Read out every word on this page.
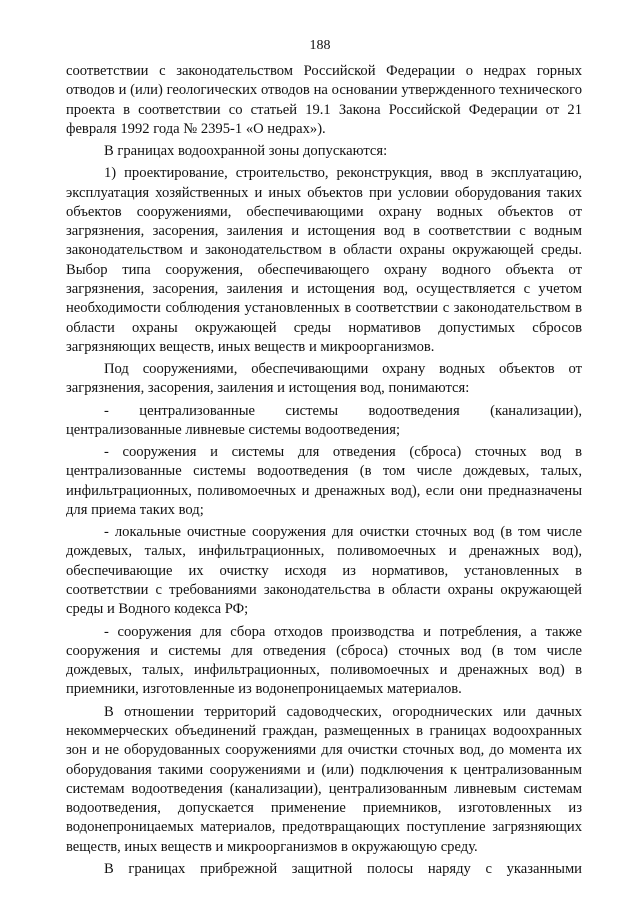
188

соответствии с законодательством Российской Федерации о недрах горных отводов и (или) геологических отводов на основании утвержденного технического проекта в соответствии со статьей 19.1 Закона Российской Федерации от 21 февраля 1992 года № 2395-1 «О недрах»).

В границах водоохранной зоны допускаются:

1) проектирование, строительство, реконструкция, ввод в эксплуатацию, эксплуатация хозяйственных и иных объектов при условии оборудования таких объектов сооружениями, обеспечивающими охрану водных объектов от загрязнения, засорения, заиления и истощения вод в соответствии с водным законодательством и законодательством в области охраны окружающей среды. Выбор типа сооружения, обеспечивающего охрану водного объекта от загрязнения, засорения, заиления и истощения вод, осуществляется с учетом необходимости соблюдения установленных в соответствии с законодательством в области охраны окружающей среды нормативов допустимых сбросов загрязняющих веществ, иных веществ и микроорганизмов.

Под сооружениями, обеспечивающими охрану водных объектов от загрязнения, засорения, заиления и истощения вод, понимаются:

- централизованные системы водоотведения (канализации), централизованные ливневые системы водоотведения;

- сооружения и системы для отведения (сброса) сточных вод в централизованные системы водоотведения (в том числе дождевых, талых, инфильтрационных, поливомоечных и дренажных вод), если они предназначены для приема таких вод;

- локальные очистные сооружения для очистки сточных вод (в том числе дождевых, талых, инфильтрационных, поливомоечных и дренажных вод), обеспечивающие их очистку исходя из нормативов, установленных в соответствии с требованиями законодательства в области охраны окружающей среды и Водного кодекса РФ;

- сооружения для сбора отходов производства и потребления, а также сооружения и системы для отведения (сброса) сточных вод (в том числе дождевых, талых, инфильтрационных, поливомоечных и дренажных вод) в приемники, изготовленные из водонепроницаемых материалов.

В отношении территорий садоводческих, огороднических или дачных некоммерческих объединений граждан, размещенных в границах водоохранных зон и не оборудованных сооружениями для очистки сточных вод, до момента их оборудования такими сооружениями и (или) подключения к централизованным системам водоотведения (канализации), централизованным ливневым системам водоотведения, допускается применение приемников, изготовленных из водонепроницаемых материалов, предотвращающих поступление загрязняющих веществ, иных веществ и микроорганизмов в окружающую среду.

В границах прибрежной защитной полосы наряду с указанными
